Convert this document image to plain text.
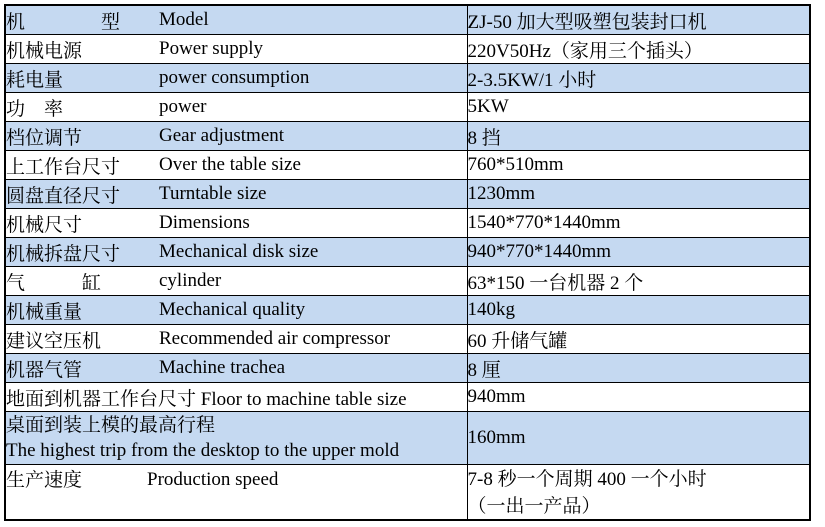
机　　　　型 Model	ZJ-50 加大型吸塑包装封口机
机械电源 Power supply	220V50Hz（家用三个插头）
耗电量 power consumption	2-3.5KW/1 小时
功　率 power	5KW
档位调节 Gear adjustment	8 挡
上工作台尺寸 Over the table size	760*510mm
圆盘直径尺寸 Turntable size	1230mm
机械尺寸 Dimensions	1540*770*1440mm
机械拆盘尺寸 Mechanical disk size	940*770*1440mm
气　　　缸 cylinder	63*150 一台机器 2 个
机械重量 Mechanical quality	140kg
建议空压机 Recommended air compressor	60 升储气罐
机器气管 Machine trachea	8 厘
地面到机器工作台尺寸 Floor to machine table size	940mm

桌面到装上模的最高行程
The highest trip from the desktop to the upper mold	160mm

生产速度 Production speed	7-8 秒一个周期 400 一个小时
（一出一产品）
